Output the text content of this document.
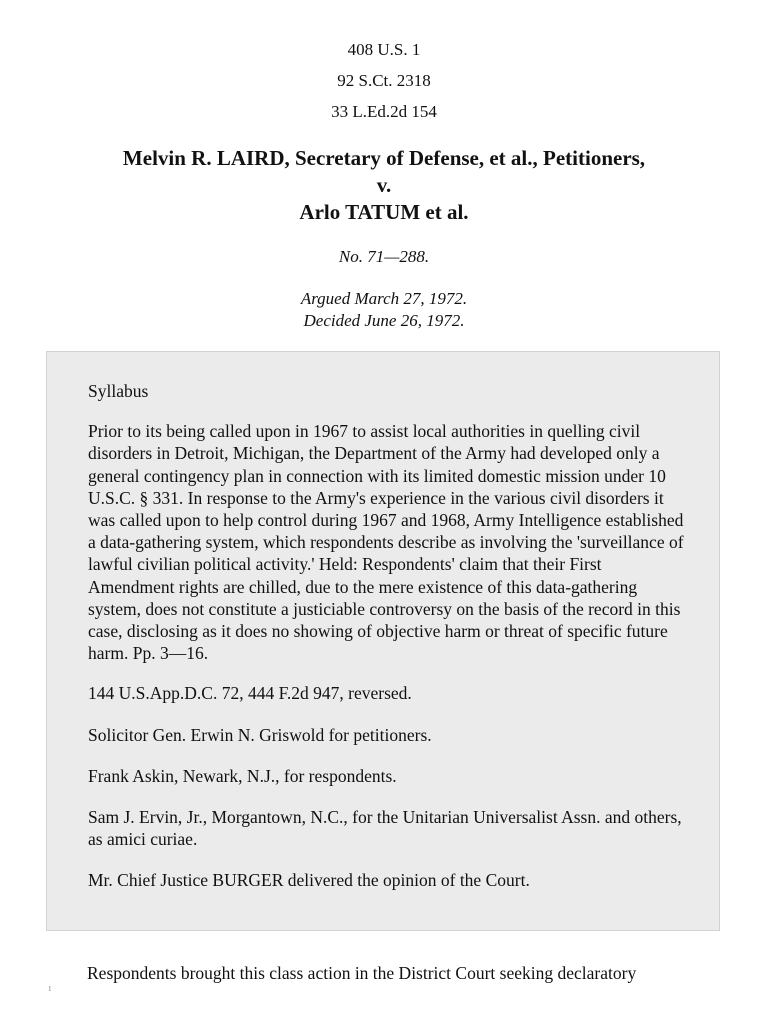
408 U.S. 1
92 S.Ct. 2318
33 L.Ed.2d 154
Melvin R. LAIRD, Secretary of Defense, et al., Petitioners,
v.
Arlo TATUM et al.
No. 71—288.
Argued March 27, 1972.
Decided June 26, 1972.

Syllabus

Prior to its being called upon in 1967 to assist local authorities in quelling civil disorders in Detroit, Michigan, the Department of the Army had developed only a general contingency plan in connection with its limited domestic mission under 10 U.S.C. § 331. In response to the Army's experience in the various civil disorders it was called upon to help control during 1967 and 1968, Army Intelligence established a data-gathering system, which respondents describe as involving the 'surveillance of lawful civilian political activity.' Held: Respondents' claim that their First Amendment rights are chilled, due to the mere existence of this data-gathering system, does not constitute a justiciable controversy on the basis of the record in this case, disclosing as it does no showing of objective harm or threat of specific future harm. Pp. 3—16.

144 U.S.App.D.C. 72, 444 F.2d 947, reversed.

Solicitor Gen. Erwin N. Griswold for petitioners.

Frank Askin, Newark, N.J., for respondents.

Sam J. Ervin, Jr., Morgantown, N.C., for the Unitarian Universalist Assn. and others, as amici curiae.

Mr. Chief Justice BURGER delivered the opinion of the Court.

Respondents brought this class action in the District Court seeking declaratory
1
